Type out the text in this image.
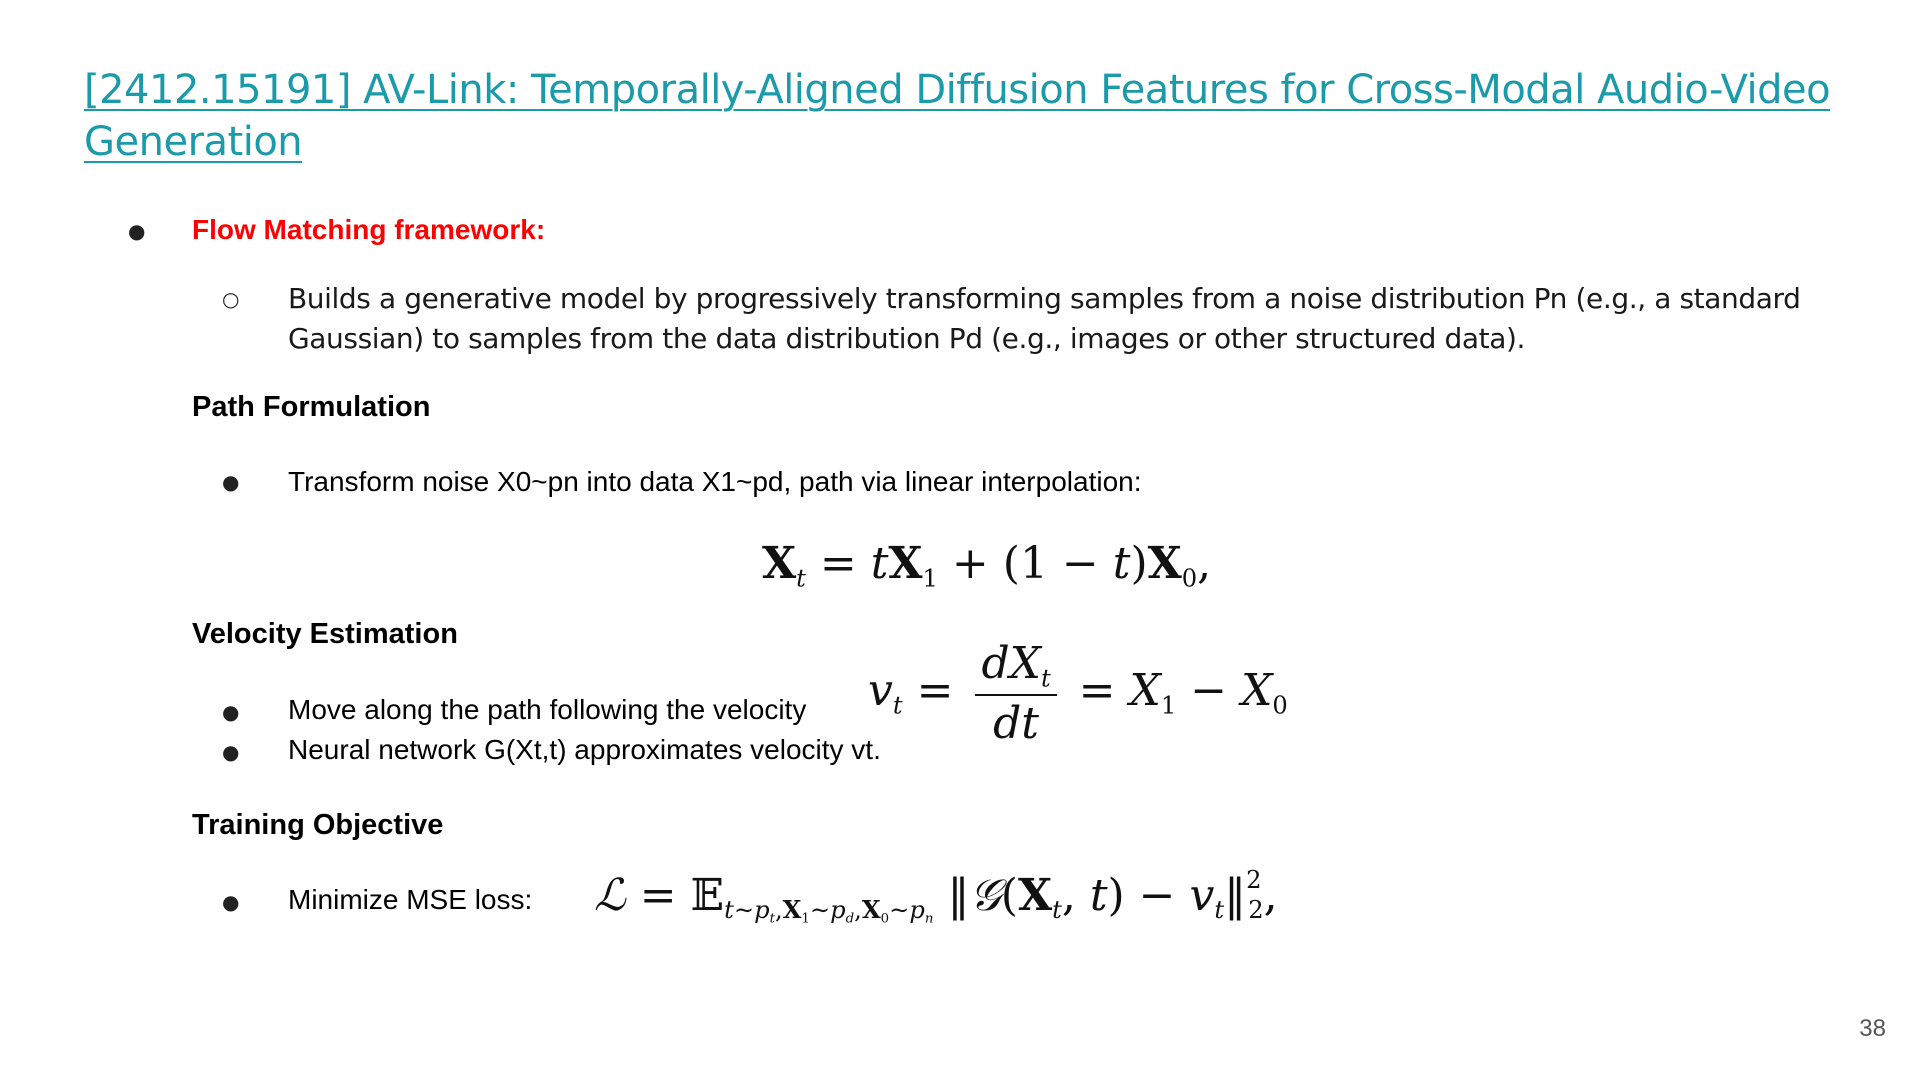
[2412.15191] AV-Link: Temporally-Aligned Diffusion Features for Cross-Modal Audio-Video Generation
● Flow Matching framework:
○ Builds a generative model by progressively transforming samples from a noise distribution Pn (e.g., a standard
Gaussian) to samples from the data distribution Pd (e.g., images or other structured data).
Path Formulation
● Transform noise X0~pn into data X1~pd, path via linear interpolation:
$X_t = tX_1 + (1 - t)X_0$,
Velocity Estimation
● Move along the path following the velocity
● Neural network G(Xt,t) approximates velocity vt.
$v_t = \frac{dX_t}{dt} = X_1 - X_0$
Training Objective
● Minimize MSE loss: ℒ = 𝔼$_{t\sim p_t,X_1\sim p_d,X_0\sim p_n}$ $‖𝒢(X_t$, $t) - v_t‖^2_2$,
38
